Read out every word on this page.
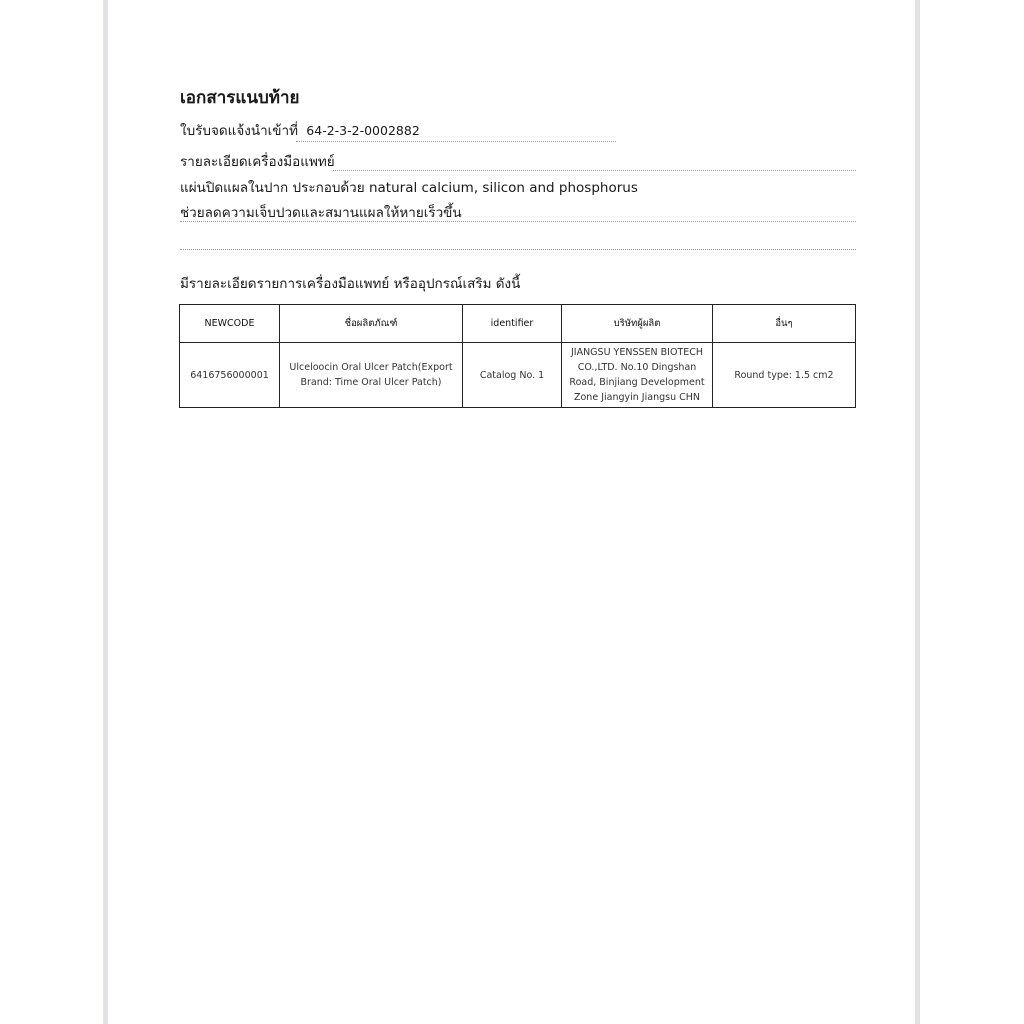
เอกสารแนบท้าย
ใบรับจดแจ้งนำเข้าที่ 64-2-3-2-0002882
รายละเอียดเครื่องมือแพทย์
แผ่นปิดแผลในปาก ประกอบด้วย natural calcium, silicon and phosphorus
ช่วยลดความเจ็บปวดและสมานแผลให้หายเร็วขึ้น
มีรายละเอียดรายการเครื่องมือแพทย์ หรืออุปกรณ์เสริม ดังนี้
NEWCODE	ชื่อผลิตภัณฑ์	identifier	บริษัทผู้ผลิต	อื่นๆ
6416756000001	Ulceloocin Oral Ulcer Patch(Export Brand: Time Oral Ulcer Patch)	Catalog No. 1	JIANGSU YENSSEN BIOTECH CO.,LTD. No.10 Dingshan Road, Binjiang Development Zone Jiangyin Jiangsu CHN	Round type: 1.5 cm2
